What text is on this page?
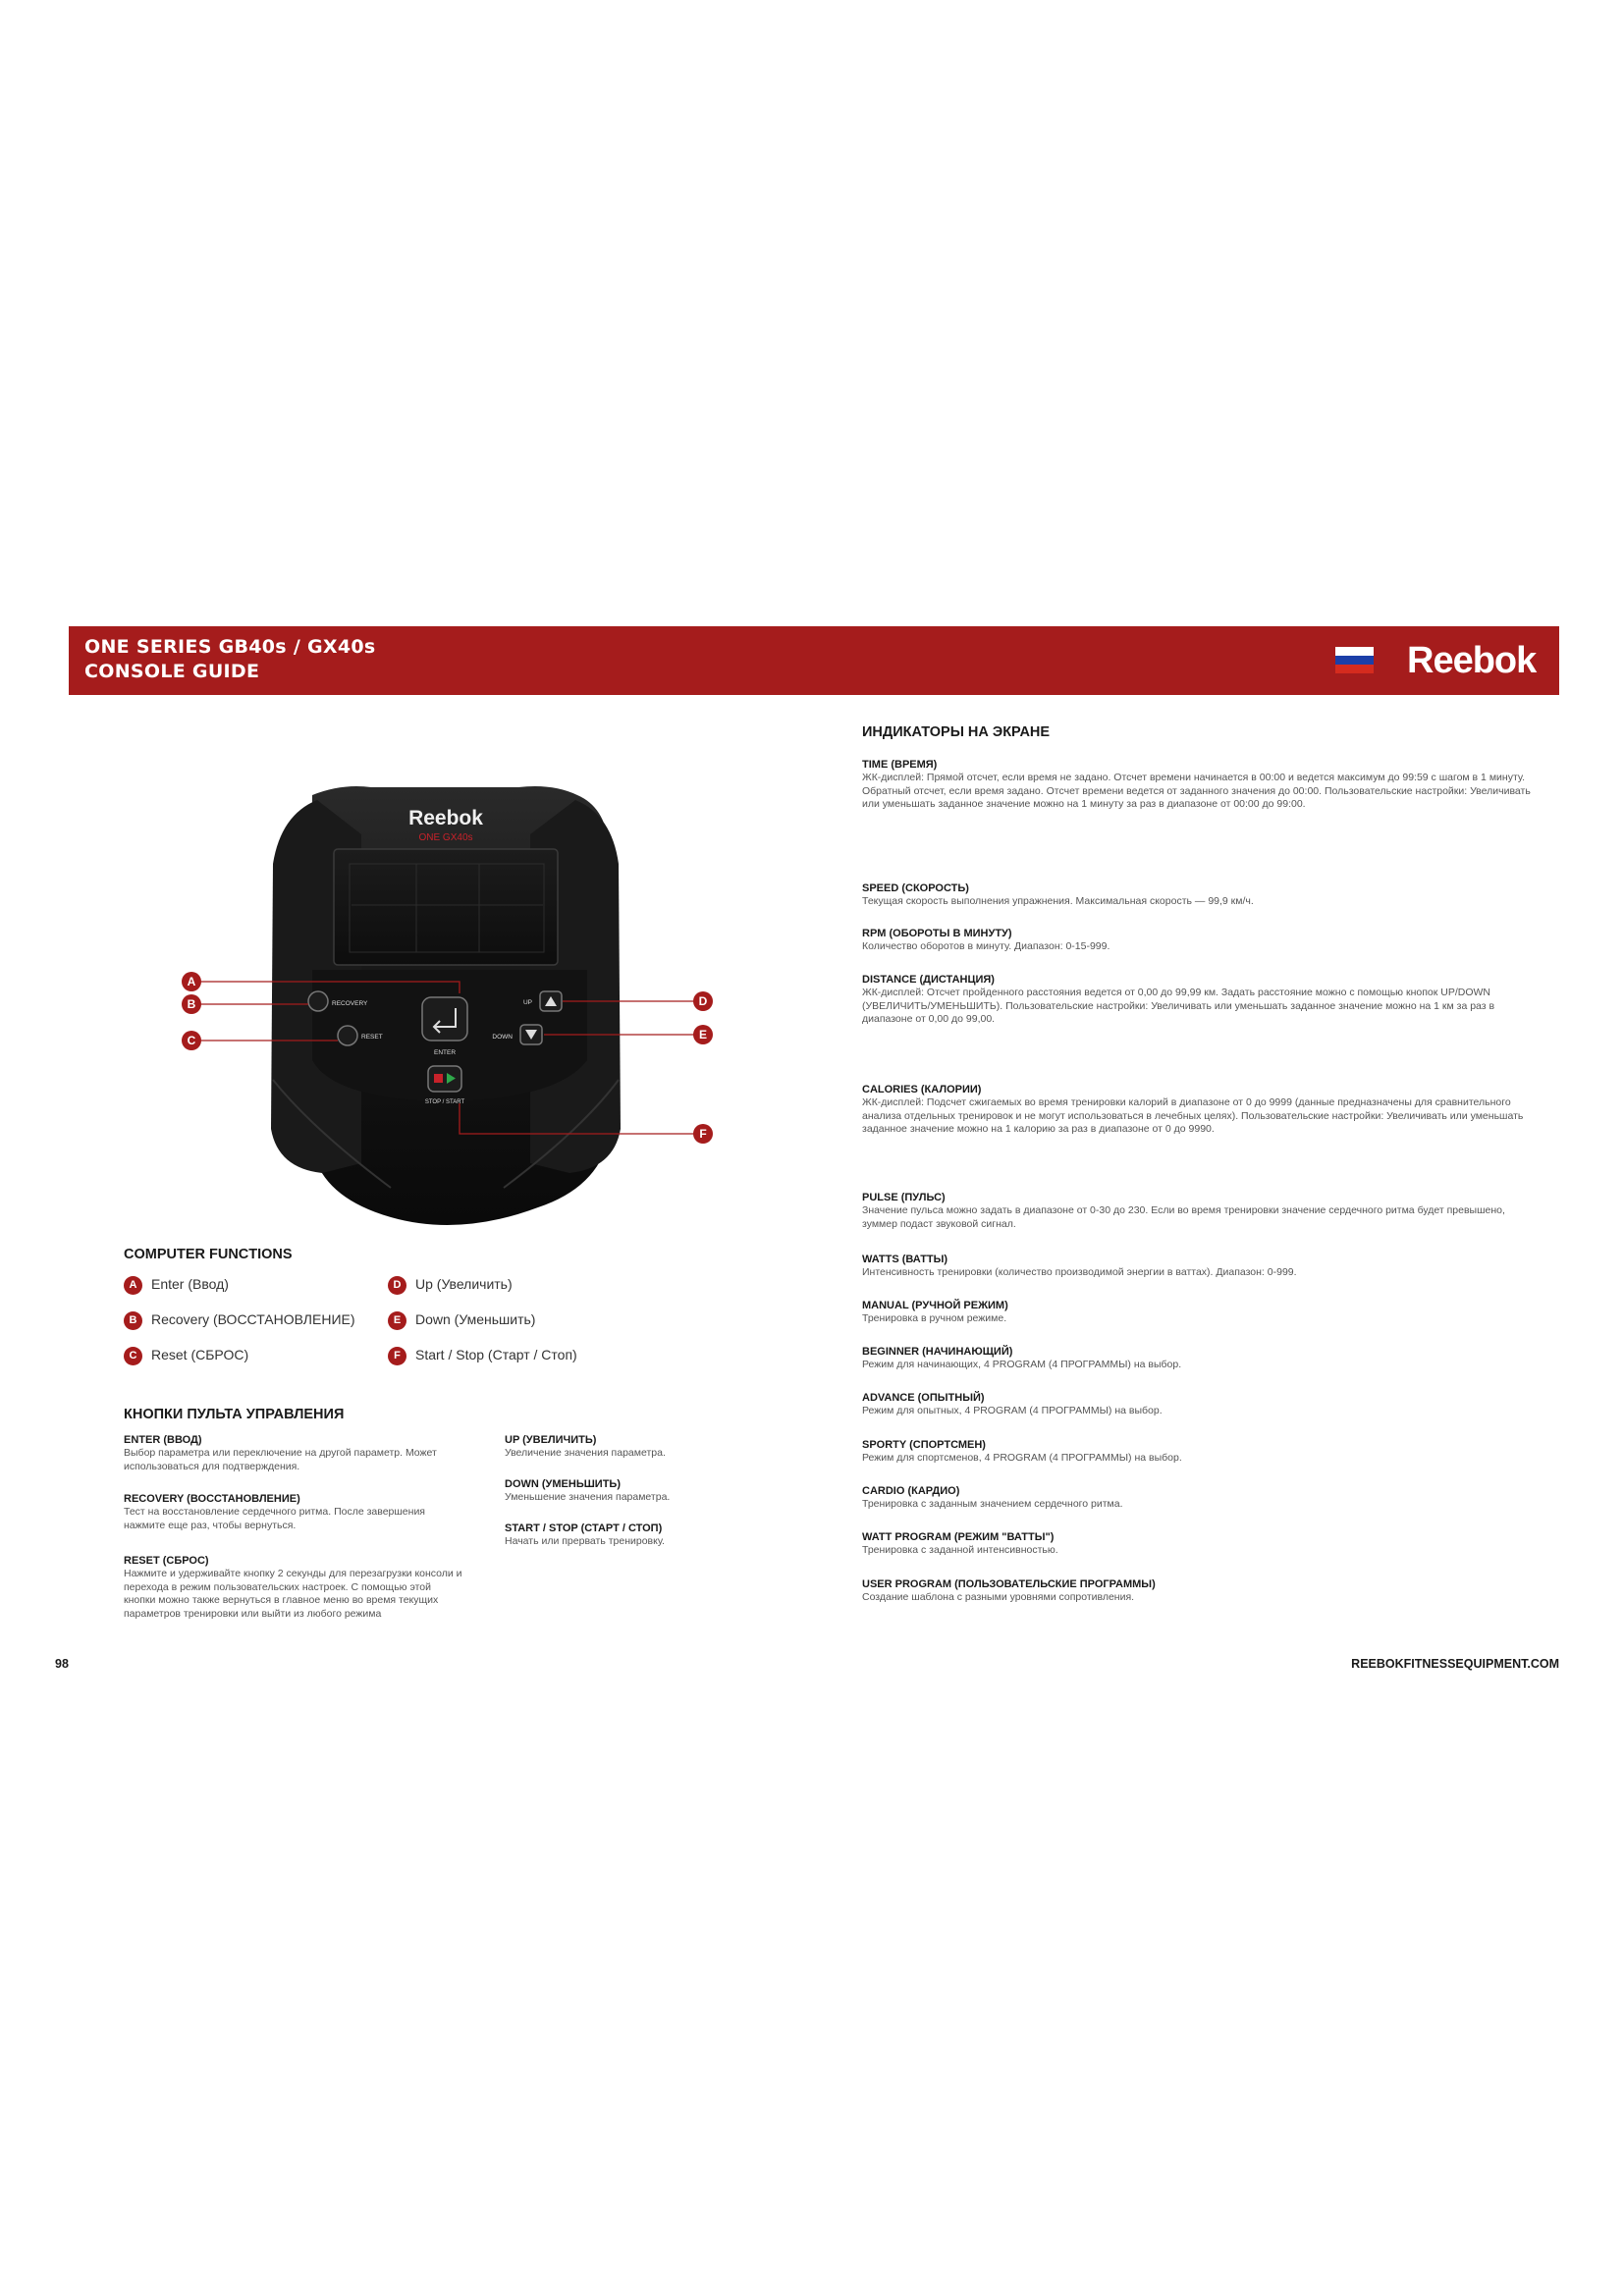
ONE SERIES GB40s / GX40s
CONSOLE GUIDE	Reebok
Reebok
ONE GX40s
RECOVERY
RESET
ENTER
UP
DOWN
STOP / START
A
B
C
D
E
F
COMPUTER FUNCTIONS
A Enter (Ввод)	D Up (Увеличить)
B Recovery (ВОССТАНОВЛЕНИЕ)	E Down (Уменьшить)
C Reset (СБРОС)	F Start / Stop (Старт / Стоп)
КНОПКИ ПУЛЬТА УПРАВЛЕНИЯ
ENTER (ВВОД)

Выбор параметра или переключение на другой параметр. Может использоваться для подтверждения.

RECOVERY (ВОССТАНОВЛЕНИЕ)

Тест на восстановление сердечного ритма. После завершения нажмите еще раз, чтобы вернуться.

RESET (СБРОС)

Нажмите и удерживайте кнопку 2 секунды для перезагрузки консоли и перехода в режим пользовательских настроек. С помощью этой кнопки можно также вернуться в главное меню во время текущих параметров тренировки или выйти из любого режима

UP (УВЕЛИЧИТЬ)

Увеличение значения параметра.

DOWN (УМЕНЬШИТЬ)

Уменьшение значения параметра.

START / STOP (СТАРТ / СТОП)

Начать или прервать тренировку.

ИНДИКАТОРЫ НА ЭКРАНЕ
TIME (ВРЕМЯ)

ЖК-дисплей: Прямой отсчет, если время не задано. Отсчет времени начинается в 00:00 и ведется максимум до 99:59 с шагом в 1 минуту. Обратный отсчет, если время задано. Отсчет времени ведется от заданного значения до 00:00. Пользовательские настройки: Увеличивать или уменьшать заданное значение можно на 1 минуту за раз в диапазоне от 00:00 до 99:00.

SPEED (СКОРОСТЬ)

Текущая скорость выполнения упражнения. Максимальная скорость — 99,9 км/ч.

RPM (ОБОРОТЫ В МИНУТУ)

Количество оборотов в минуту. Диапазон: 0-15-999.

DISTANCE (ДИСТАНЦИЯ)

ЖК-дисплей: Отсчет пройденного расстояния ведется от 0,00 до 99,99 км. Задать расстояние можно с помощью кнопок UP/DOWN (УВЕЛИЧИТЬ/УМЕНЬШИТЬ). Пользовательские настройки: Увеличивать или уменьшать заданное значение можно на 1 км за раз в диапазоне от 0,00 до 99,00.

CALORIES (КАЛОРИИ)

ЖК-дисплей: Подсчет сжигаемых во время тренировки калорий в диапазоне от 0 до 9999 (данные предназначены для сравнительного анализа отдельных тренировок и не могут использоваться в лечебных целях). Пользовательские настройки: Увеличивать или уменьшать заданное значение можно на 1 калорию за раз в диапазоне от 0 до 9990.

PULSE (ПУЛЬС)

Значение пульса можно задать в диапазоне от 0-30 до 230. Если во время тренировки значение сердечного ритма будет превышено, зуммер подаст звуковой сигнал.

WATTS (ВАТТЫ)

Интенсивность тренировки (количество производимой энергии в ваттах). Диапазон: 0-999.

MANUAL (РУЧНОЙ РЕЖИМ)

Тренировка в ручном режиме.

BEGINNER (НАЧИНАЮЩИЙ)

Режим для начинающих, 4 PROGRAM (4 ПРОГРАММЫ) на выбор.

ADVANCE (ОПЫТНЫЙ)

Режим для опытных, 4 PROGRAM (4 ПРОГРАММЫ) на выбор.

SPORTY (СПОРТСМЕН)

Режим для спортсменов, 4 PROGRAM (4 ПРОГРАММЫ) на выбор.

CARDIO (КАРДИО)

Тренировка с заданным значением сердечного ритма.

WATT PROGRAM (РЕЖИМ "ВАТТЫ")

Тренировка с заданной интенсивностью.

USER PROGRAM (ПОЛЬЗОВАТЕЛЬСКИЕ ПРОГРАММЫ)

Создание шаблона с разными уровнями сопротивления.

98	REEBOKFITNESSEQUIPMENT.COM
